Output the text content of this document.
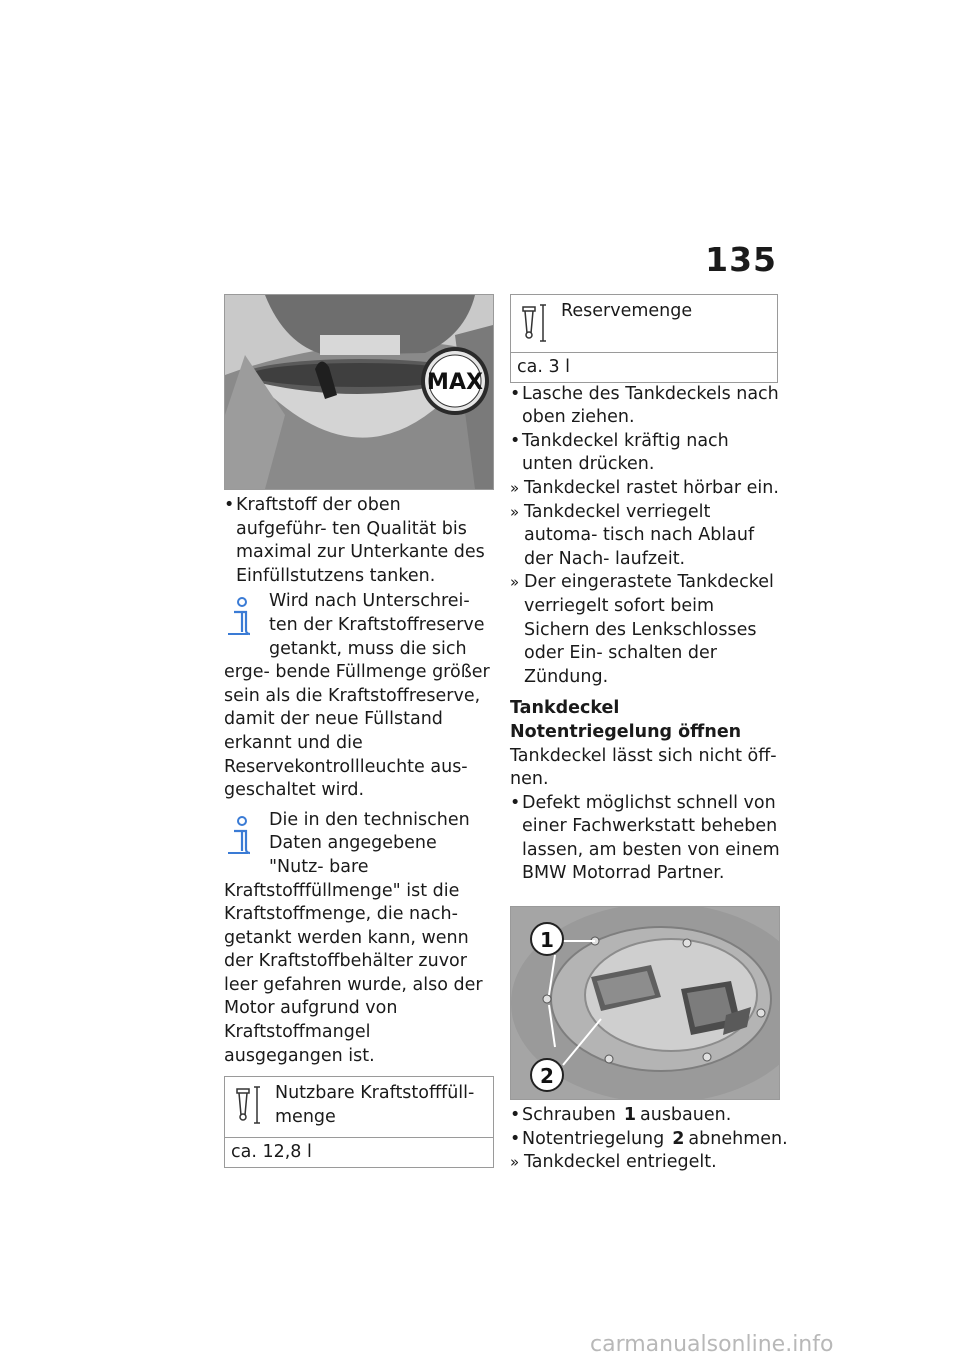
135
MAX
• Kraftstoff der oben aufgeführ- ten Qualität bis maximal zur Unterkante des Einfüllstutzens tanken.

Wird nach Unterschrei- ten der Kraftstoffreserve getankt, muss die sich erge- bende Füllmenge größer sein als die Kraftstoffreserve, damit der neue Füllstand erkannt und die Reservekontrollleuchte aus- geschaltet wird.

Die in den technischen Daten angegebene "Nutz- bare Kraftstofffüllmenge" ist die Kraftstoffmenge, die nach- getankt werden kann, wenn der Kraftstoffbehälter zuvor leer gefahren wurde, also der Motor aufgrund von Kraftstoffmangel ausgegangen ist.

Nutzbare Kraftstofffüll- menge
ca. 12,8 l
Reservemenge
ca. 3 l
• Lasche des Tankdeckels nach oben ziehen.
• Tankdeckel kräftig nach unten drücken.
» Tankdeckel rastet hörbar ein.
» Tankdeckel verriegelt automa- tisch nach Ablauf der Nach- laufzeit.
» Der eingerastete Tankdeckel verriegelt sofort beim Sichern des Lenkschlosses oder Ein- schalten der Zündung.
Tankdeckel Notentriegelung öffnen
Tankdeckel lässt sich nicht öff- nen.
• Defekt möglichst schnell von einer Fachwerkstatt beheben lassen, am besten von einem BMW Motorrad Partner.
1
2
• Schrauben 1 ausbauen.
• Notentriegelung 2 abnehmen.
» Tankdeckel entriegelt.
carmanualsonline.info
